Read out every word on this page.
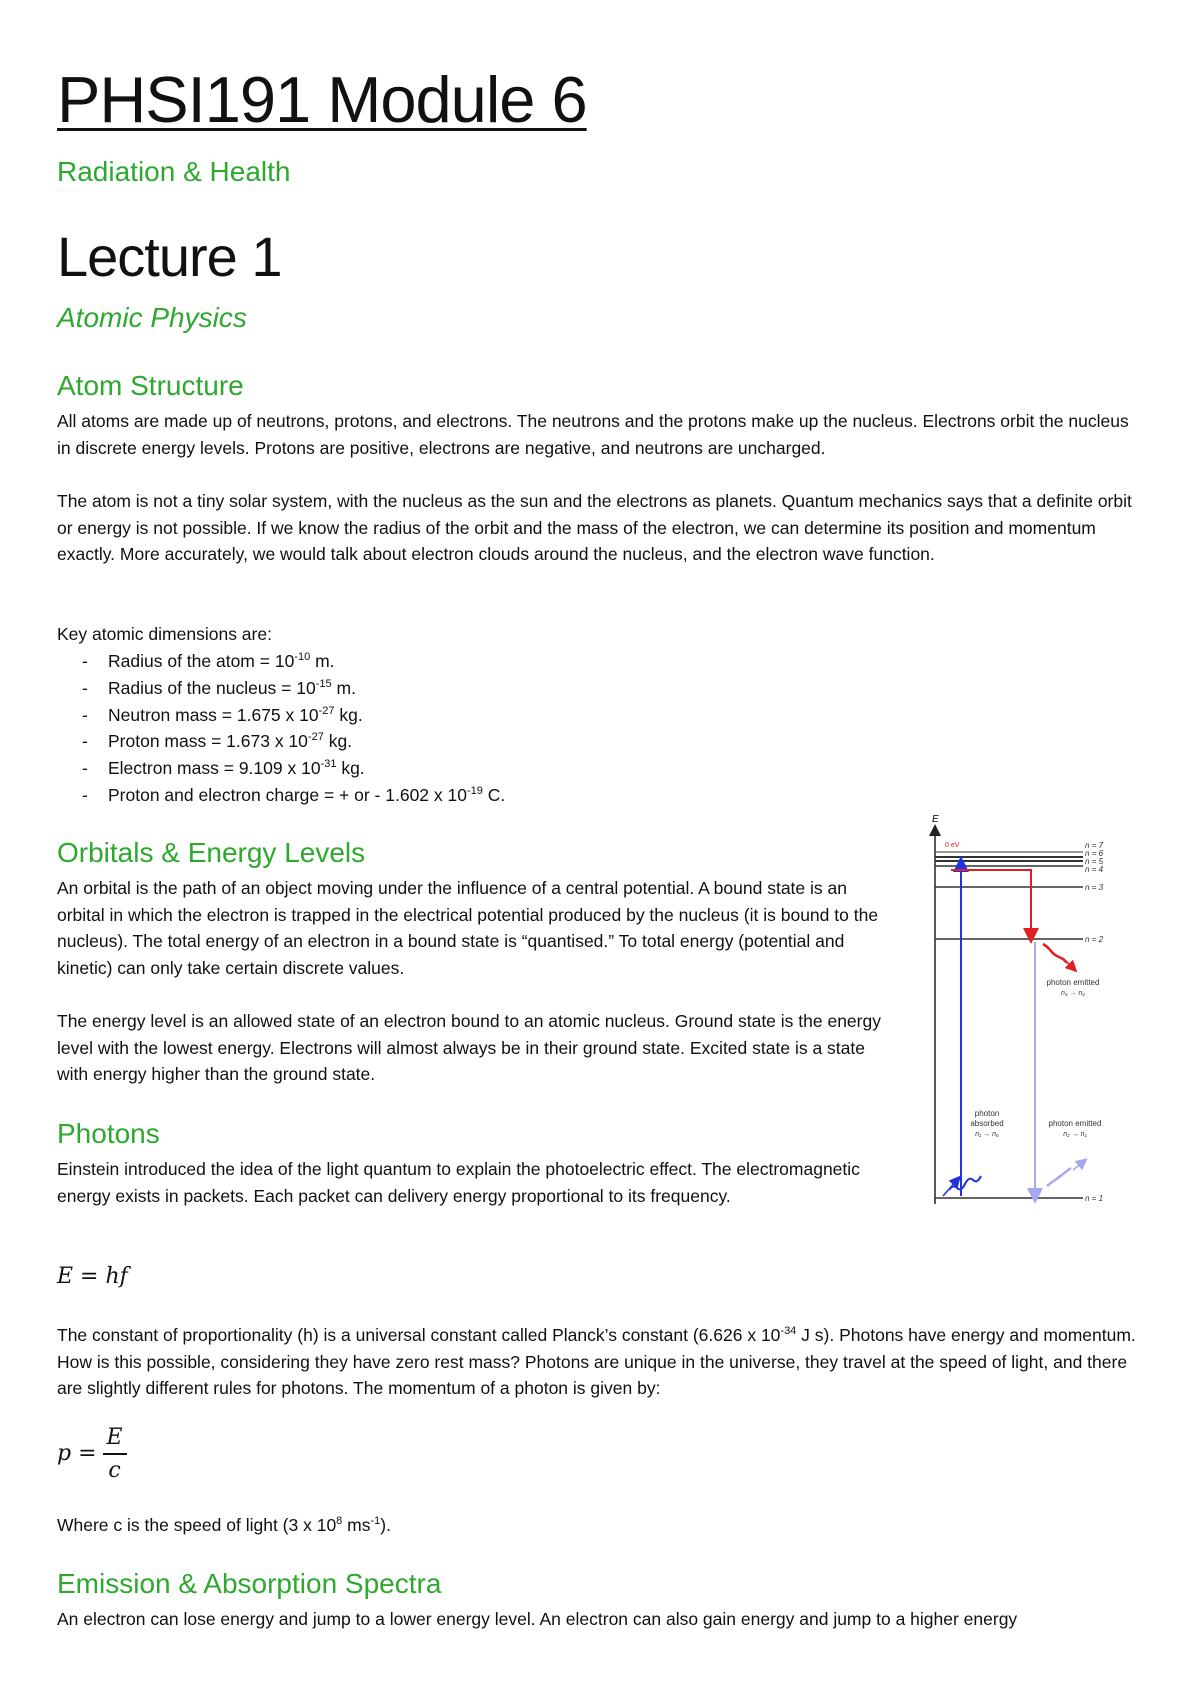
PHSI191 Module 6
Radiation & Health
Lecture 1
Atomic Physics
Atom Structure

All atoms are made up of neutrons, protons, and electrons. The neutrons and the protons make up the nucleus. Electrons orbit the nucleus in discrete energy levels. Protons are positive, electrons are negative, and neutrons are uncharged.

The atom is not a tiny solar system, with the nucleus as the sun and the electrons as planets. Quantum mechanics says that a definite orbit or energy is not possible. If we know the radius of the orbit and the mass of the electron, we can determine its position and momentum exactly. More accurately, we would talk about electron clouds around the nucleus, and the electron wave function.

Key atomic dimensions are:

- Radius of the atom = $10^{-10}$ m.
- Radius of the nucleus = $10^{-15}$ m.
- Neutron mass = 1.675 x $10^{-27}$ kg.
- Proton mass = 1.673 x $10^{-27}$ kg.
- Electron mass = 9.109 x $10^{-31}$ kg.
- Proton and electron charge = + or - 1.602 x $10^{-19}$ C.
Orbitals & Energy Levels

An orbital is the path of an object moving under the influence of a central potential. A bound state is an orbital in which the electron is trapped in the electrical potential produced by the nucleus (it is bound to the nucleus). The total energy of an electron in a bound state is “quantised.” To total energy (potential and kinetic) can only take certain discrete values.

The energy level is an allowed state of an electron bound to an atomic nucleus. Ground state is the energy level with the lowest energy. Electrons will almost always be in their ground state. Excited state is a state with energy higher than the ground state.

Photons

Einstein introduced the idea of the light quantum to explain the photoelectric effect. The electromagnetic energy exists in packets. Each packet can delivery energy proportional to its frequency.

E = hf

The constant of proportionality (h) is a universal constant called Planck’s constant (6.626 x $10^{-34}$ J s). Photons have energy and momentum. How is this possible, considering they have zero rest mass? Photons are unique in the universe, they travel at the speed of light, and there are slightly different rules for photons. The momentum of a photon is given by:

$p = \frac{E}{c}$

Where c is the speed of light (3 x $10^8$ $ms^{-1}$).

Emission & Absorption Spectra

An electron can lose energy and jump to a lower energy level. An electron can also gain energy and jump to a higher energy

E
0 eV	n = 7
n = 6
n = 5
n = 4
n = 3
n = 2
n = 1
photon emitted
n₃ → n₂
photon
absorbed
n₁ → n₆
photon emitted
n₂ → n₁
